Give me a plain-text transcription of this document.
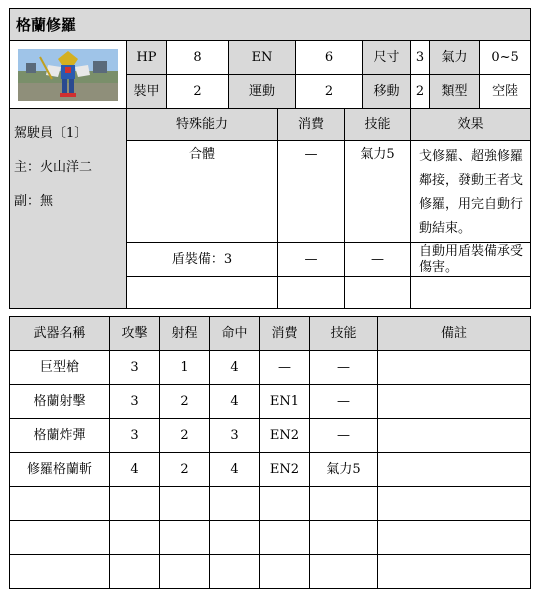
格蘭修羅										

	HP	8	EN		6		尺寸	3	氣力	0~5
	裝甲	2	運動		2		移動	2	類型	空陸

駕駛員〔1〕
主：火山洋二
副：無	特殊能力			消費		技能		效果		
	合體			—		氣力5		戈修羅、超強修羅鄰接，發動王者戈修羅，用完自動行動結束。		
	盾裝備：3			—		—		自動用盾裝備承受傷害。		

武器名稱	攻擊	射程	命中	消費	技能	備註
巨型槍	3	1	4	—	—	
格蘭射擊	3	2	4	EN1	—	
格蘭炸彈	3	2	3	EN2	—	
修羅格蘭斬	4	2	4	EN2	氣力5	
